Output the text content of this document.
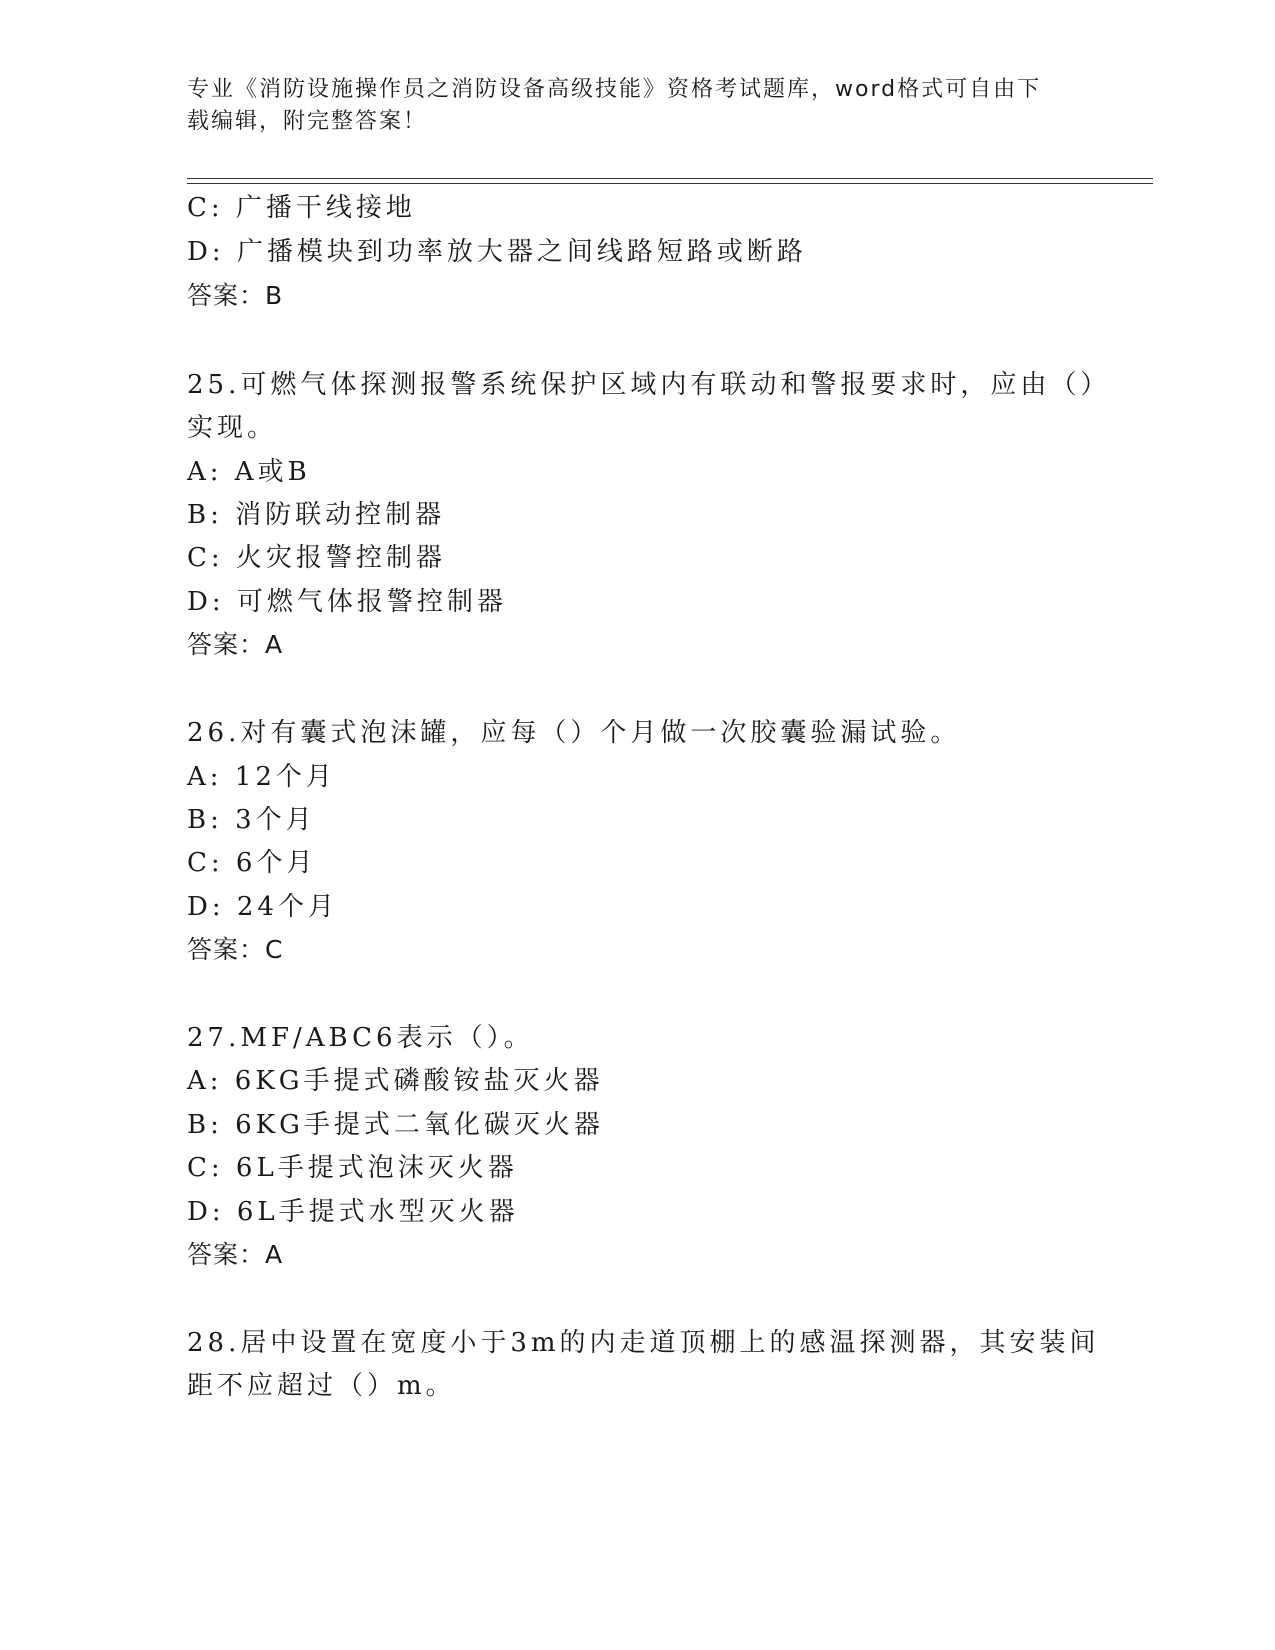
专业《消防设施操作员之消防设备高级技能》资格考试题库，word格式可自由下
载编辑，附完整答案！
C: 广播干线接地
D: 广播模块到功率放大器之间线路短路或断路
答案：B
25.可燃气体探测报警系统保护区域内有联动和警报要求时，应由（）
实现。
A: A或B
B: 消防联动控制器
C: 火灾报警控制器
D: 可燃气体报警控制器
答案：A
26.对有囊式泡沫罐，应每（）个月做一次胶囊验漏试验。
A: 12个月
B: 3个月
C: 6个月
D: 24个月
答案：C
27.MF/ABC6表示（）。
A: 6KG手提式磷酸铵盐灭火器
B: 6KG手提式二氧化碳灭火器
C: 6L手提式泡沫灭火器
D: 6L手提式水型灭火器
答案：A
28.居中设置在宽度小于3m的内走道顶棚上的感温探测器，其安装间
距不应超过（）m。
